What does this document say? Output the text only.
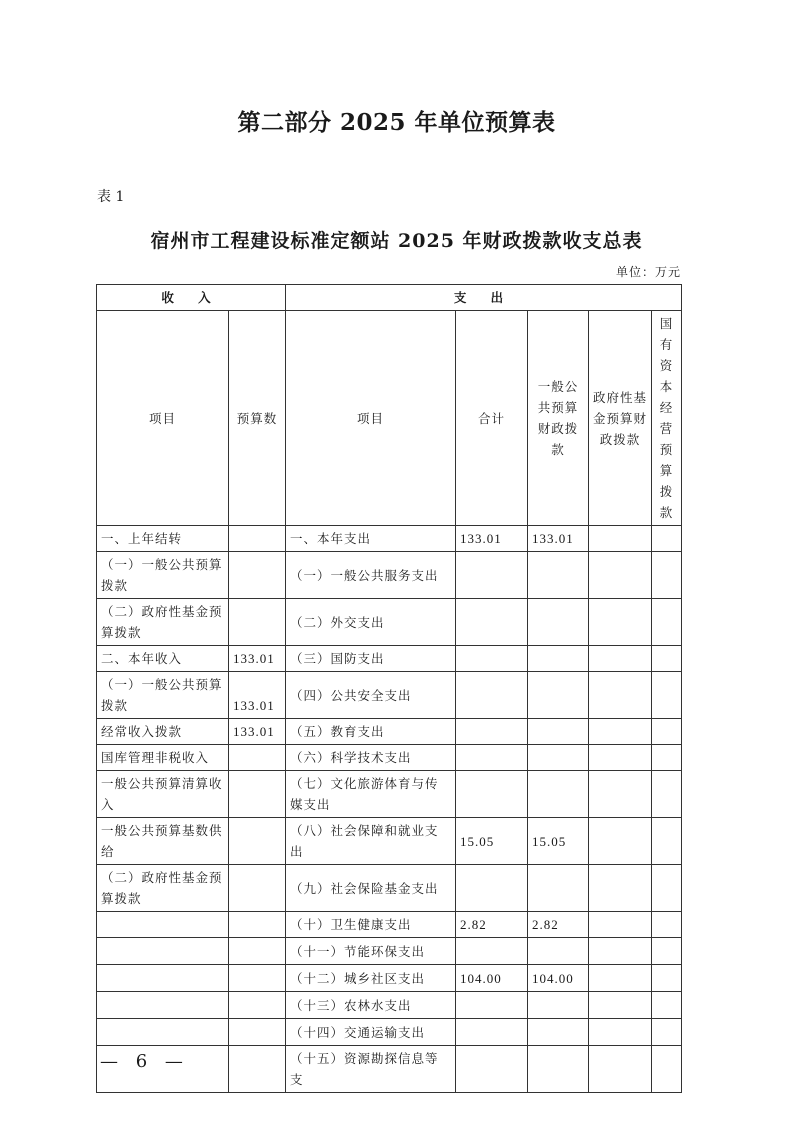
第二部分 2025 年单位预算表
表 1
宿州市工程建设标准定额站 2025 年财政拨款收支总表
单位：万元
收 入		支 出				
项目	预算数	项目	合计	一般公共预算财政拨款	政府性基金预算财政拨款	国有资本经营预算拨款
一、上年结转		一、本年支出	133.01	133.01		
（一）一般公共预算拨款		（一）一般公共服务支出				
（二）政府性基金预算拨款		（二）外交支出				
二、本年收入	133.01	（三）国防支出				
（一）一般公共预算拨款	133.01	（四）公共安全支出				
经常收入拨款	133.01	（五）教育支出				
国库管理非税收入		（六）科学技术支出				
一般公共预算清算收入		（七）文化旅游体育与传媒支出				
一般公共预算基数供给		（八）社会保障和就业支出	15.05	15.05		
（二）政府性基金预算拨款		（九）社会保险基金支出				
		（十）卫生健康支出	2.82	2.82		
		（十一）节能环保支出				
		（十二）城乡社区支出	104.00	104.00		
		（十三）农林水支出				
		（十四）交通运输支出				
		（十五）资源勘探信息等支				
— 6 —
